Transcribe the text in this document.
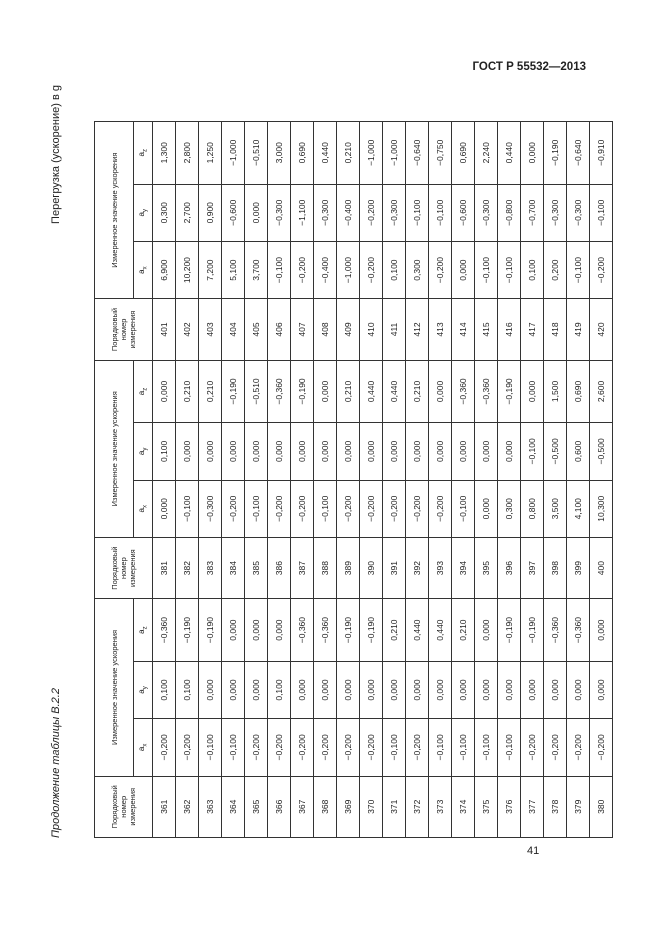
ГОСТ Р 55532—2013

Продолжение таблицы В.2.2

Перегрузка (ускорение) в g

Порядковый номер измерения	Измеренное значение ускорения			Порядковый номер измерения	Измеренное значение ускорения			Порядковый номер измерения	Измеренное значение ускорения		
	$a_x$	$a_y$	$a_z$		$a_x$	$a_y$	$a_z$		$a_x$	$a_y$	$a_z$
361	−0,200	0,100	−0,360	381	0,000	0,100	0,000	401	6,900	0,300	1,300
362	−0,200	0,100	−0,190	382	−0,100	0,000	0,210	402	10,200	2,700	2,800
363	−0,100	0,000	−0,190	383	−0,300	0,000	0,210	403	7,200	0,900	1,250
364	−0,100	0,000	0,000	384	−0,200	0,000	−0,190	404	5,100	−0,600	−1,000
365	−0,200	0,000	0,000	385	−0,100	0,000	−0,510	405	3,700	0,000	−0,510
366	−0,200	0,100	0,000	386	−0,200	0,000	−0,360	406	−0,100	−0,300	3,000
367	−0,200	0,000	−0,360	387	−0,200	0,000	−0,190	407	−0,200	−1,100	0,690
368	−0,200	0,000	−0,360	388	−0,100	0,000	0,000	408	−0,400	−0,300	0,440
369	−0,200	0,000	−0,190	389	−0,200	0,000	0,210	409	−1,000	−0,400	0,210
370	−0,200	0,000	−0,190	390	−0,200	0,000	0,440	410	−0,200	−0,200	−1,000
371	−0,100	0,000	0,210	391	−0,200	0,000	0,440	411	0,100	−0,300	−1,000
372	−0,200	0,000	0,440	392	−0,200	0,000	0,210	412	0,300	−0,100	−0,640
373	−0,100	0,000	0,440	393	−0,200	0,000	0,000	413	−0,200	−0,100	−0,750
374	−0,100	0,000	0,210	394	−0,100	0,000	−0,360	414	0,000	−0,600	0,690
375	−0,100	0,000	0,000	395	0,000	0,000	−0,360	415	−0,100	−0,300	2,240
376	−0,100	0,000	−0,190	396	0,300	0,000	−0,190	416	−0,100	−0,800	0,440
377	−0,200	0,000	−0,190	397	0,800	−0,100	0,000	417	0,100	−0,700	0,000
378	−0,200	0,000	−0,360	398	3,500	−0,500	1,500	418	0,200	−0,300	−0,190
379	−0,200	0,000	−0,360	399	4,100	0,600	0,690	419	−0,100	−0,300	−0,640
380	−0,200	0,000	0,000	400	10,300	−0,500	2,600	420	−0,200	−0,100	−0,910

41
